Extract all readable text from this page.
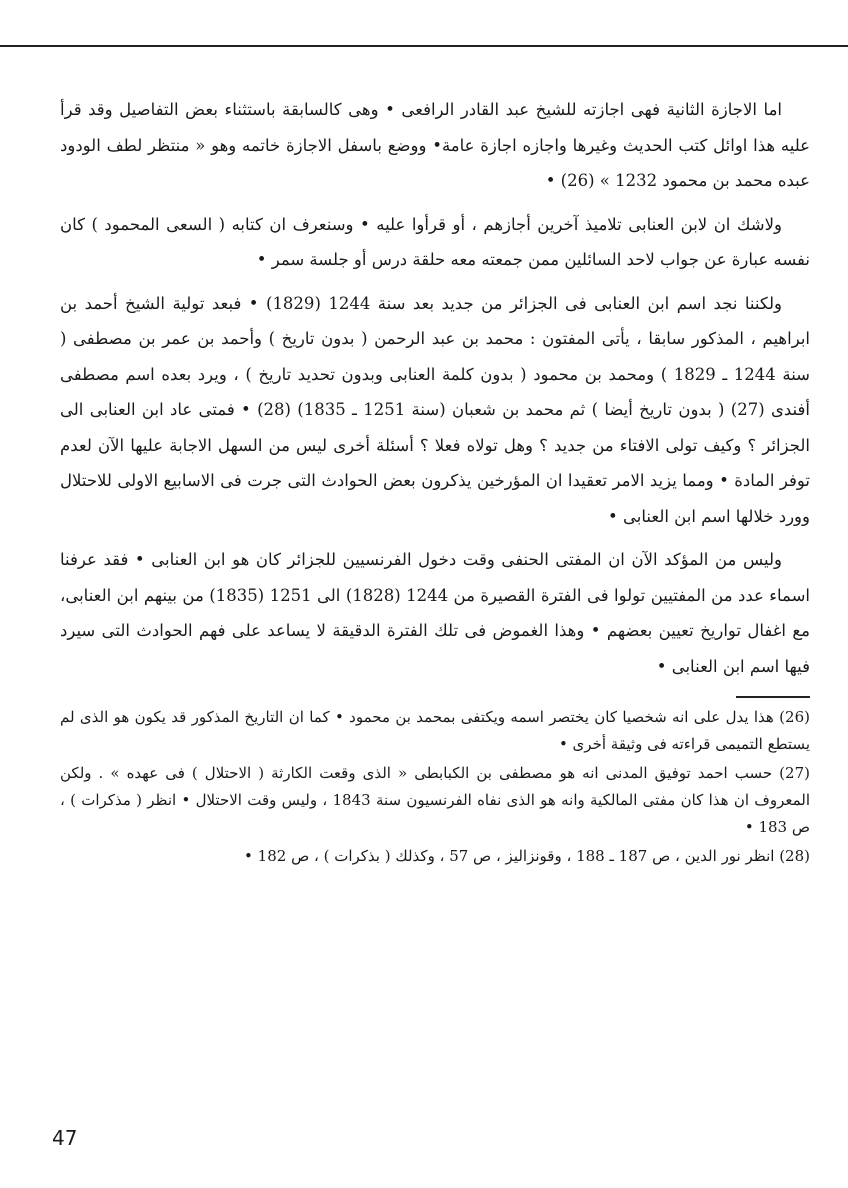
اما الاجازة الثانية فهى اجازته للشيخ عبد القادر الرافعى • وهى كالسابقة باستثناء بعض التفاصيل وقد قرأ عليه هذا اوائل كتب الحديث وغيرها واجازه اجازة عامة• ووضع باسفل الاجازة خاتمه وهو « منتظر لطف الودود عبده محمد بن محمود 1232 » (26) •

ولاشك ان لابن العنابى تلاميذ آخرين أجازهم ، أو قرأوا عليه • وسنعرف ان كتابه ( السعى المحمود ) كان نفسه عبارة عن جواب لاحد السائلين ممن جمعته معه حلقة درس أو جلسة سمر •

ولكننا نجد اسم ابن العنابى فى الجزائر من جديد بعد سنة 1244 (1829) • فبعد تولية الشيخ أحمد بن ابراهيم ، المذكور سابقا ، يأتى المفتون : محمد بن عبد الرحمن ( بدون تاريخ ) وأحمد بن عمر بن مصطفى ( سنة 1244 ـ 1829 ) ومحمد بن محمود ( بدون كلمة العنابى وبدون تحديد تاريخ ) ، ويرد بعده اسم مصطفى أفندى (27) ( بدون تاريخ أيضا ) ثم محمد بن شعبان (سنة 1251 ـ 1835) (28) • فمتى عاد ابن العنابى الى الجزائر ؟ وكيف تولى الافتاء من جديد ؟ وهل تولاه فعلا ؟ أسئلة أخرى ليس من السهل الاجابة عليها الآن لعدم توفر المادة • ومما يزيد الامر تعقيدا ان المؤرخين يذكرون بعض الحوادث التى جرت فى الاسابيع الاولى للاحتلال وورد خلالها اسم ابن العنابى •

وليس من المؤكد الآن ان المفتى الحنفى وقت دخول الفرنسيين للجزائر كان هو ابن العنابى • فقد عرفنا اسماء عدد من المفتيين تولوا فى الفترة القصيرة من 1244 (1828) الى 1251 (1835) من بينهم ابن العنابى، مع اغفال تواريخ تعيين بعضهم • وهذا الغموض فى تلك الفترة الدقيقة لا يساعد على فهم الحوادث التى سيرد فيها اسم ابن العنابى •

(26) هذا يدل على انه شخصيا كان يختصر اسمه ويكتفى بمحمد بن محمود • كما ان التاريخ المذكور قد يكون هو الذى لم يستطع التميمى قراءته فى وثيقة أخرى •

(27) حسب احمد توفيق المدنى انه هو مصطفى بن الكبابطى « الذى وقعت الكارثة ( الاحتلال ) فى عهده » . ولكن المعروف ان هذا كان مفتى المالكية وانه هو الذى نفاه الفرنسيون سنة 1843 ، وليس وقت الاحتلال • انظر ( مذكرات ) ، ص 183 •

(28) انظر نور الدين ، ص 187 ـ 188 ، وقونزاليز ، ص 57 ، وكذلك ( بذكرات ) ، ص 182 •

47
